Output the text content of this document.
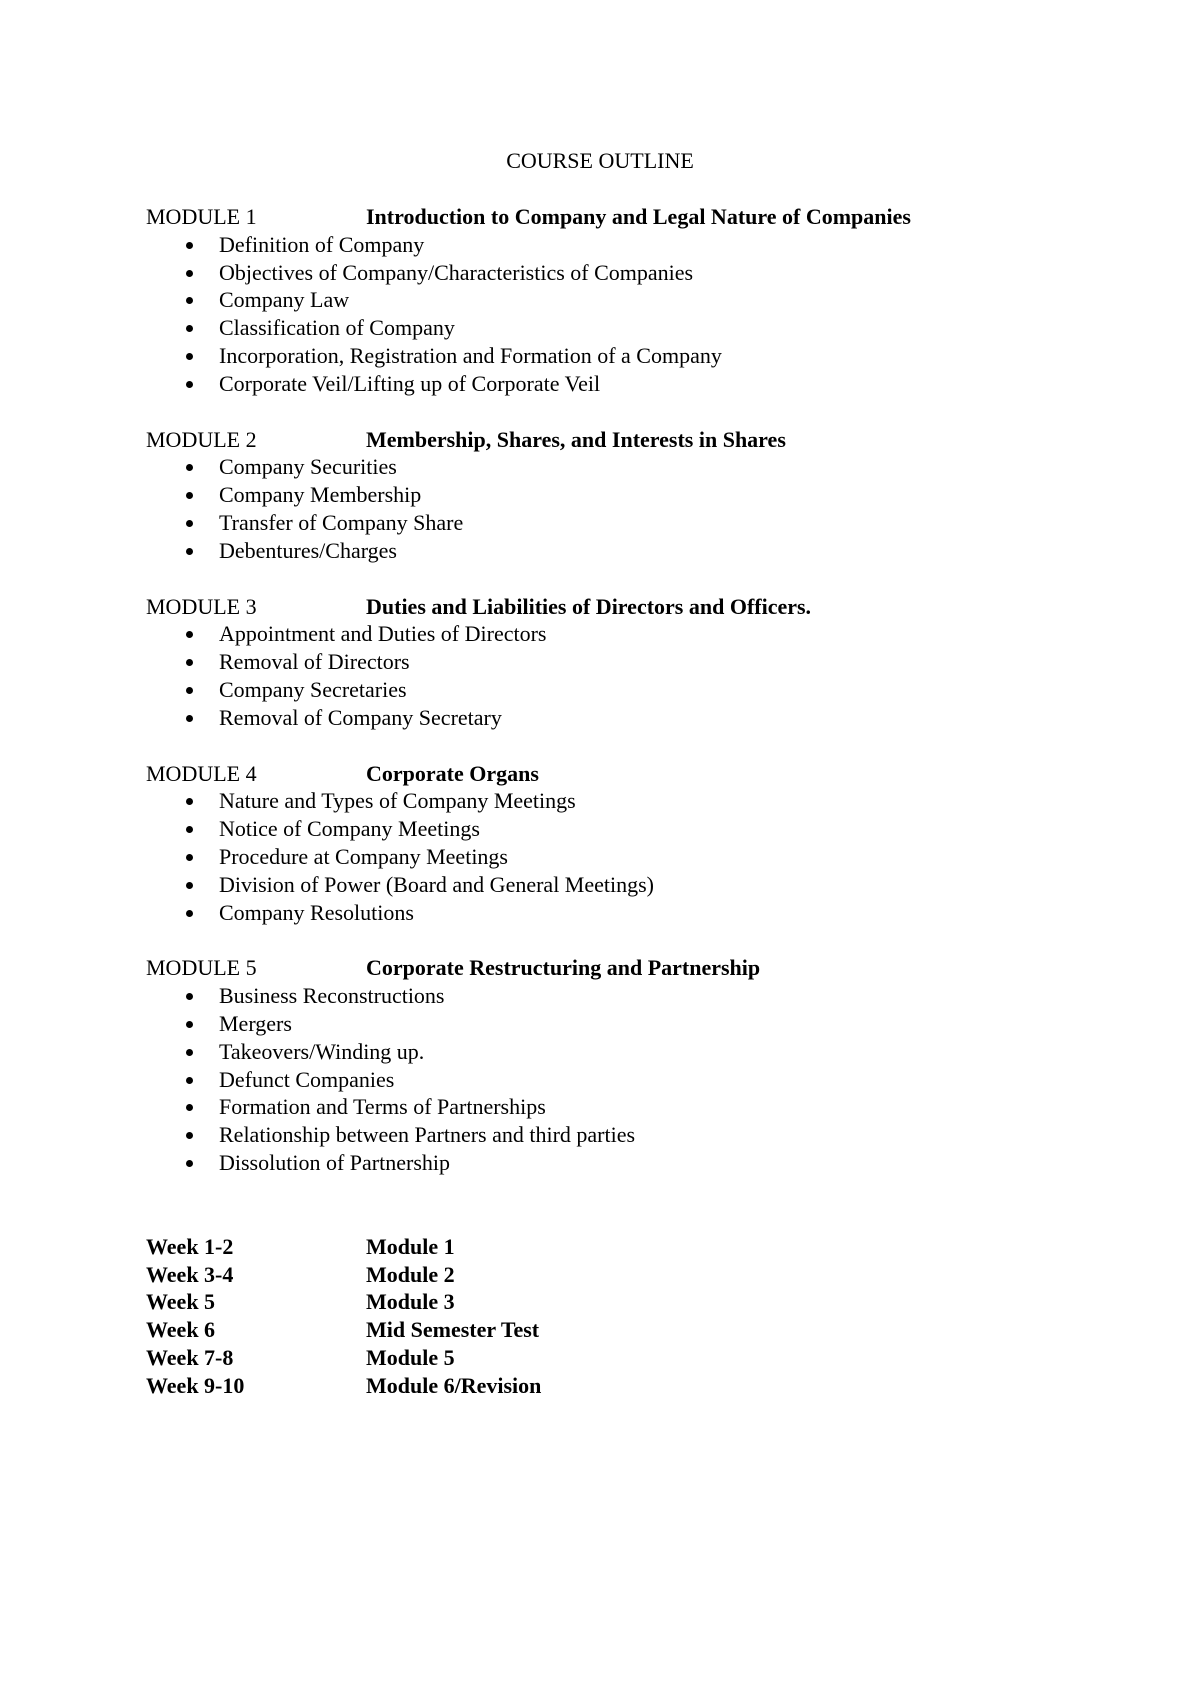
COURSE OUTLINE
MODULE 1	Introduction to Company and Legal Nature of Companies
Definition of Company
Objectives of Company/Characteristics of Companies
Company Law
Classification of Company
Incorporation, Registration and Formation of a Company
Corporate Veil/Lifting up of Corporate Veil
MODULE 2	Membership, Shares, and Interests in Shares
Company Securities
Company Membership
Transfer of Company Share
Debentures/Charges
MODULE 3	Duties and Liabilities of Directors and Officers.
Appointment and Duties of Directors
Removal of Directors
Company Secretaries
Removal of Company Secretary
MODULE 4	Corporate Organs
Nature and Types of Company Meetings
Notice of Company Meetings
Procedure at Company Meetings
Division of Power (Board and General Meetings)
Company Resolutions
MODULE 5	Corporate Restructuring and Partnership
Business Reconstructions
Mergers
Takeovers/Winding up.
Defunct Companies
Formation and Terms of Partnerships
Relationship between Partners and third parties
Dissolution of Partnership
Week 1-2	Module 1
Week 3-4	Module 2
Week 5	Module 3
Week 6	Mid Semester Test
Week 7-8	Module 5
Week 9-10	Module 6/Revision
